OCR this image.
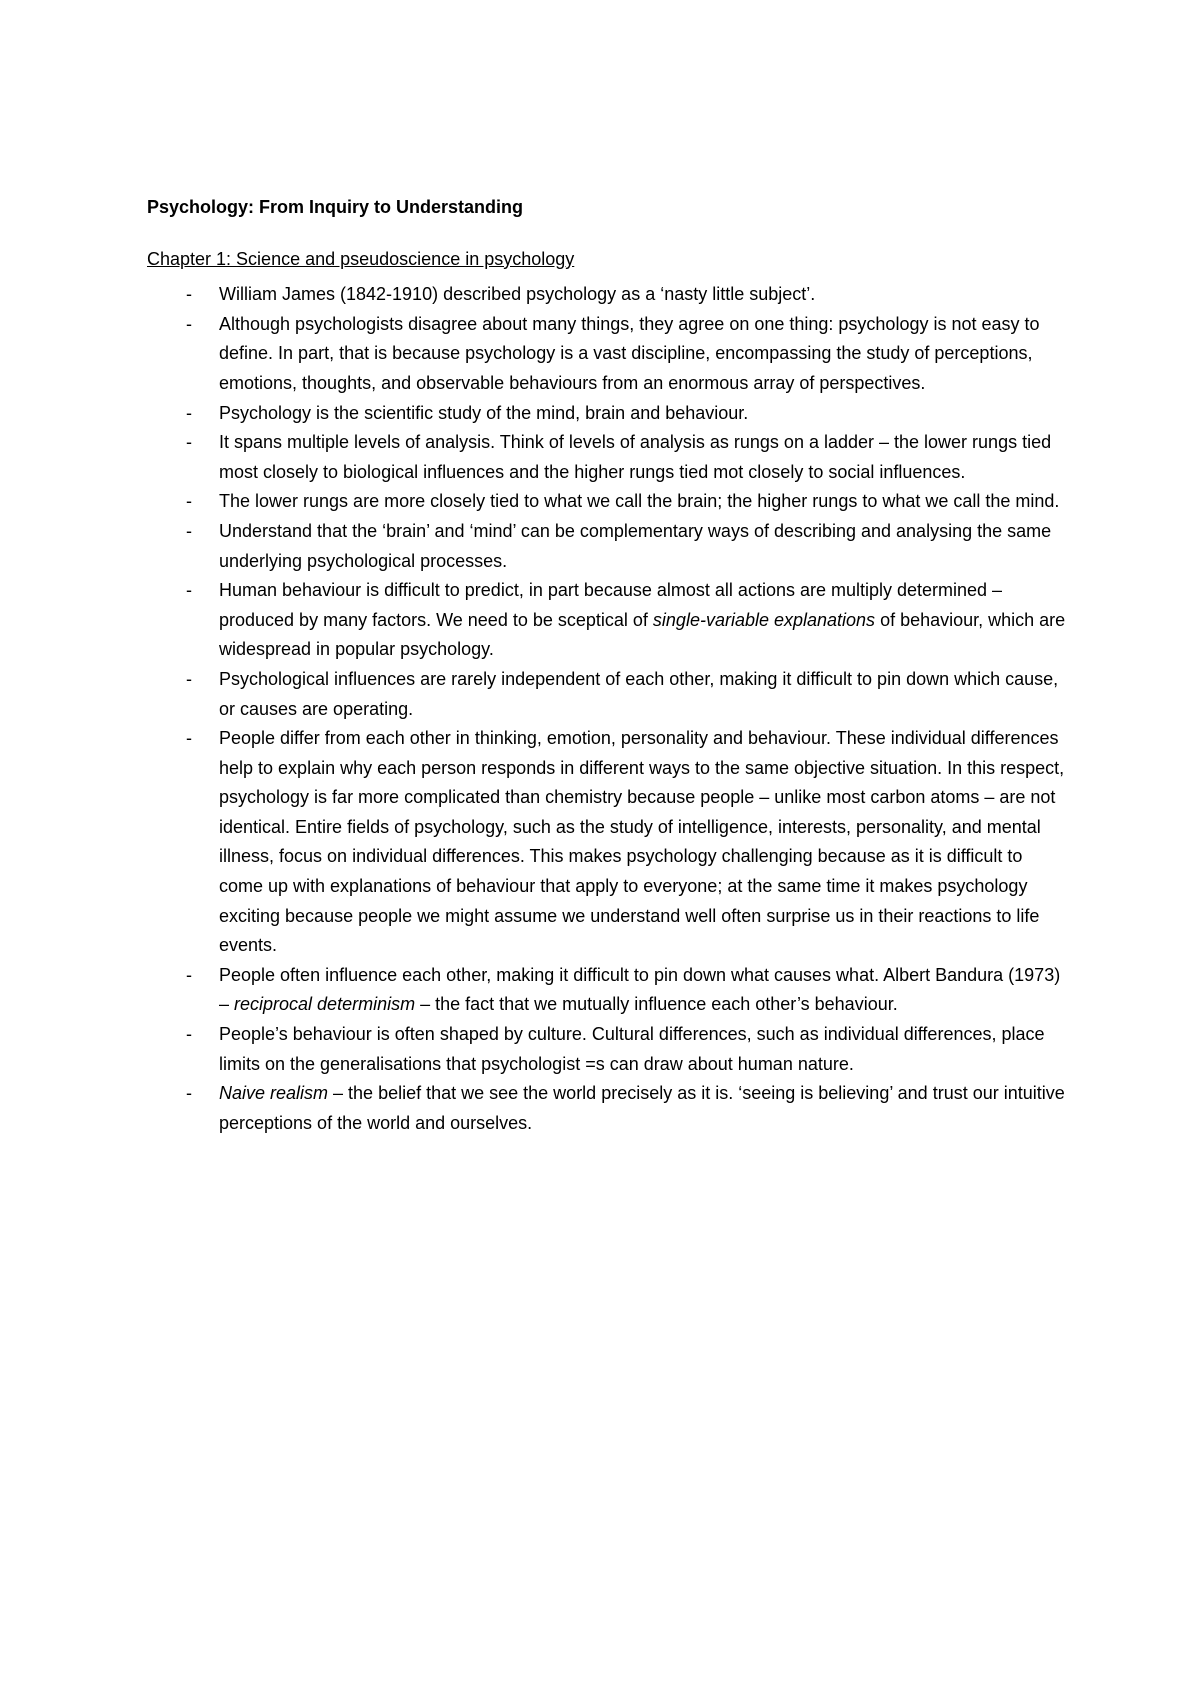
Psychology: From Inquiry to Understanding

Chapter 1: Science and pseudoscience in psychology

- William James (1842-1910) described psychology as a ‘nasty little subject’.
- Although psychologists disagree about many things, they agree on one thing: psychology is not easy to define. In part, that is because psychology is a vast discipline, encompassing the study of perceptions, emotions, thoughts, and observable behaviours from an enormous array of perspectives.
- Psychology is the scientific study of the mind, brain and behaviour.
- It spans multiple levels of analysis. Think of levels of analysis as rungs on a ladder – the lower rungs tied most closely to biological influences and the higher rungs tied mot closely to social influences.
- The lower rungs are more closely tied to what we call the brain; the higher rungs to what we call the mind.
- Understand that the ‘brain’ and ‘mind’ can be complementary ways of describing and analysing the same underlying psychological processes.
- Human behaviour is difficult to predict, in part because almost all actions are multiply determined – produced by many factors. We need to be sceptical of single-variable explanations of behaviour, which are widespread in popular psychology.
- Psychological influences are rarely independent of each other, making it difficult to pin down which cause, or causes are operating.
- People differ from each other in thinking, emotion, personality and behaviour. These individual differences help to explain why each person responds in different ways to the same objective situation. In this respect, psychology is far more complicated than chemistry because people – unlike most carbon atoms – are not identical. Entire fields of psychology, such as the study of intelligence, interests, personality, and mental illness, focus on individual differences. This makes psychology challenging because as it is difficult to come up with explanations of behaviour that apply to everyone; at the same time it makes psychology exciting because people we might assume we understand well often surprise us in their reactions to life events.
- People often influence each other, making it difficult to pin down what causes what. Albert Bandura (1973) – reciprocal determinism – the fact that we mutually influence each other’s behaviour.
- People’s behaviour is often shaped by culture. Cultural differences, such as individual differences, place limits on the generalisations that psychologist =s can draw about human nature.
- Naive realism – the belief that we see the world precisely as it is. ‘seeing is believing’ and trust our intuitive perceptions of the world and ourselves.
